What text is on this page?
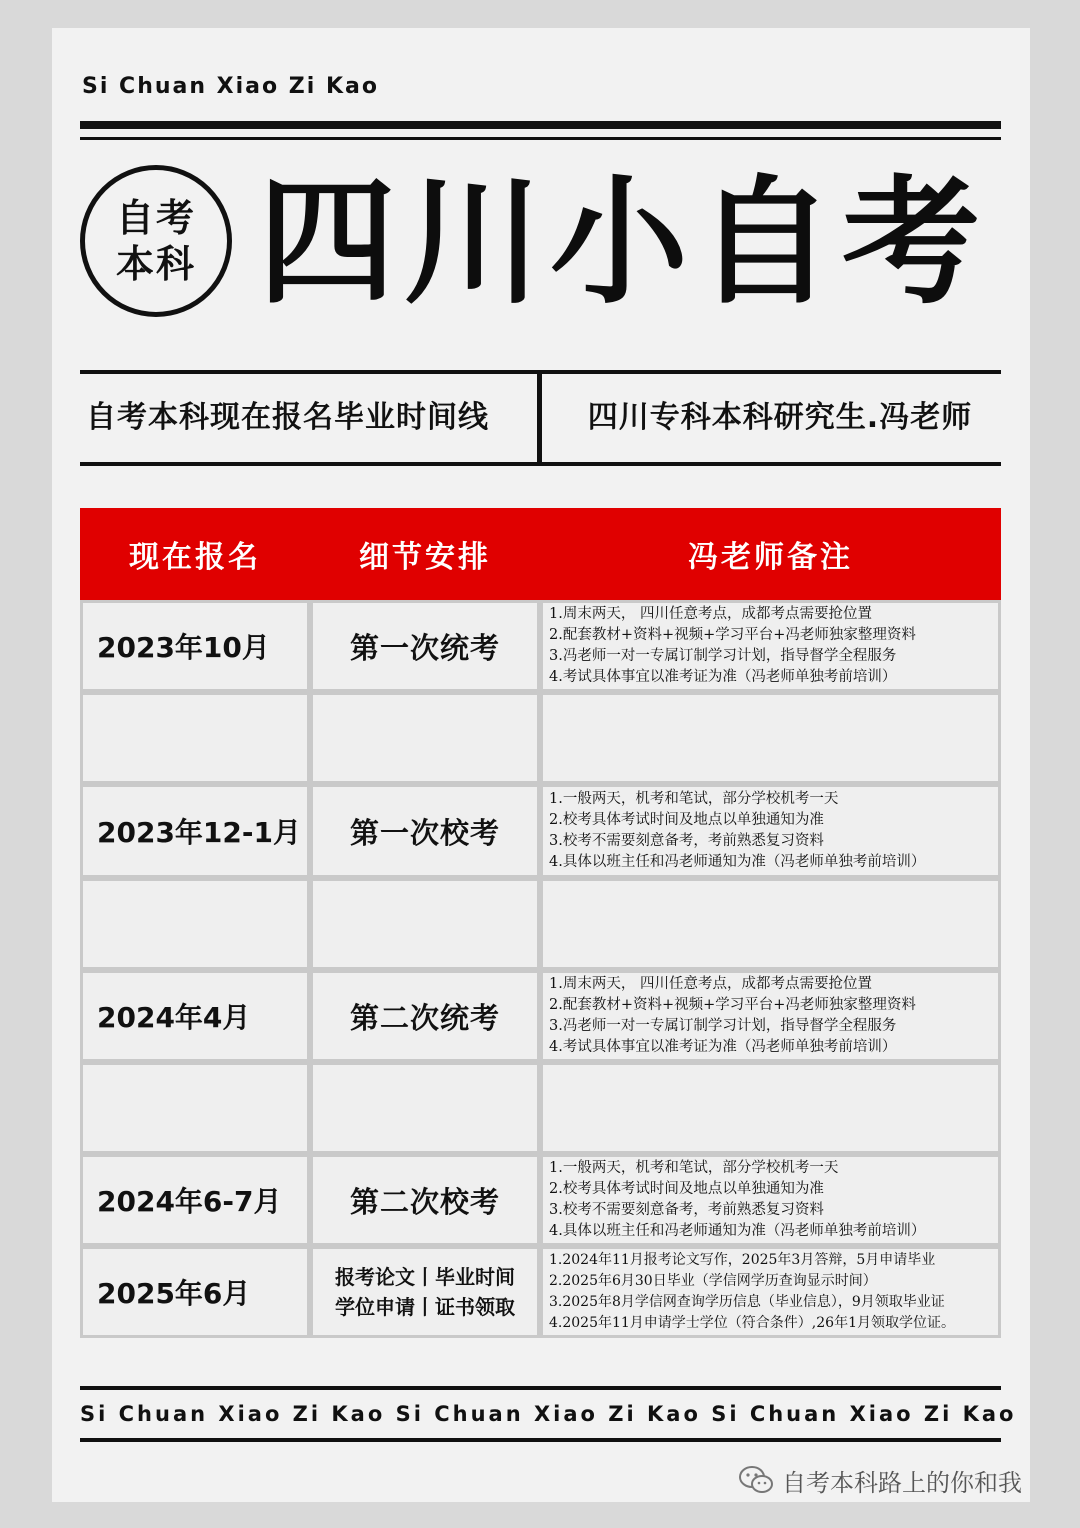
Si Chuan Xiao Zi Kao
自考
本科 四川小自考
自考本科现在报名毕业时间线	四川专科本科研究生.冯老师
现在报名	细节安排	冯老师备注
2023年10月	第一次统考
1.周末两天， 四川任意考点，成都考点需要抢位置
2.配套教材+资料+视频+学习平台+冯老师独家整理资料
3.冯老师一对一专属订制学习计划，指导督学全程服务
4.考试具体事宜以准考证为准（冯老师单独考前培训）
2023年12-1月	第一次校考
1.一般两天，机考和笔试，部分学校机考一天
2.校考具体考试时间及地点以单独通知为准
3.校考不需要刻意备考，考前熟悉复习资料
4.具体以班主任和冯老师通知为准（冯老师单独考前培训）
2024年4月	第二次统考
1.周末两天， 四川任意考点，成都考点需要抢位置
2.配套教材+资料+视频+学习平台+冯老师独家整理资料
3.冯老师一对一专属订制学习计划，指导督学全程服务
4.考试具体事宜以准考证为准（冯老师单独考前培训）
2024年6-7月	第二次校考
1.一般两天，机考和笔试，部分学校机考一天
2.校考具体考试时间及地点以单独通知为准
3.校考不需要刻意备考，考前熟悉复习资料
4.具体以班主任和冯老师通知为准（冯老师单独考前培训）
2025年6月	报考论文丨毕业时间
学位申请丨证书领取
1.2024年11月报考论文写作，2025年3月答辩，5月申请毕业
2.2025年6月30日毕业（学信网学历查询显示时间）
3.2025年8月学信网查询学历信息（毕业信息），9月领取毕业证
4.2025年11月申请学士学位（符合条件）,26年1月领取学位证。
Si Chuan Xiao Zi Kao Si Chuan Xiao Zi Kao Si Chuan Xiao Zi Kao
自考本科路上的你和我
